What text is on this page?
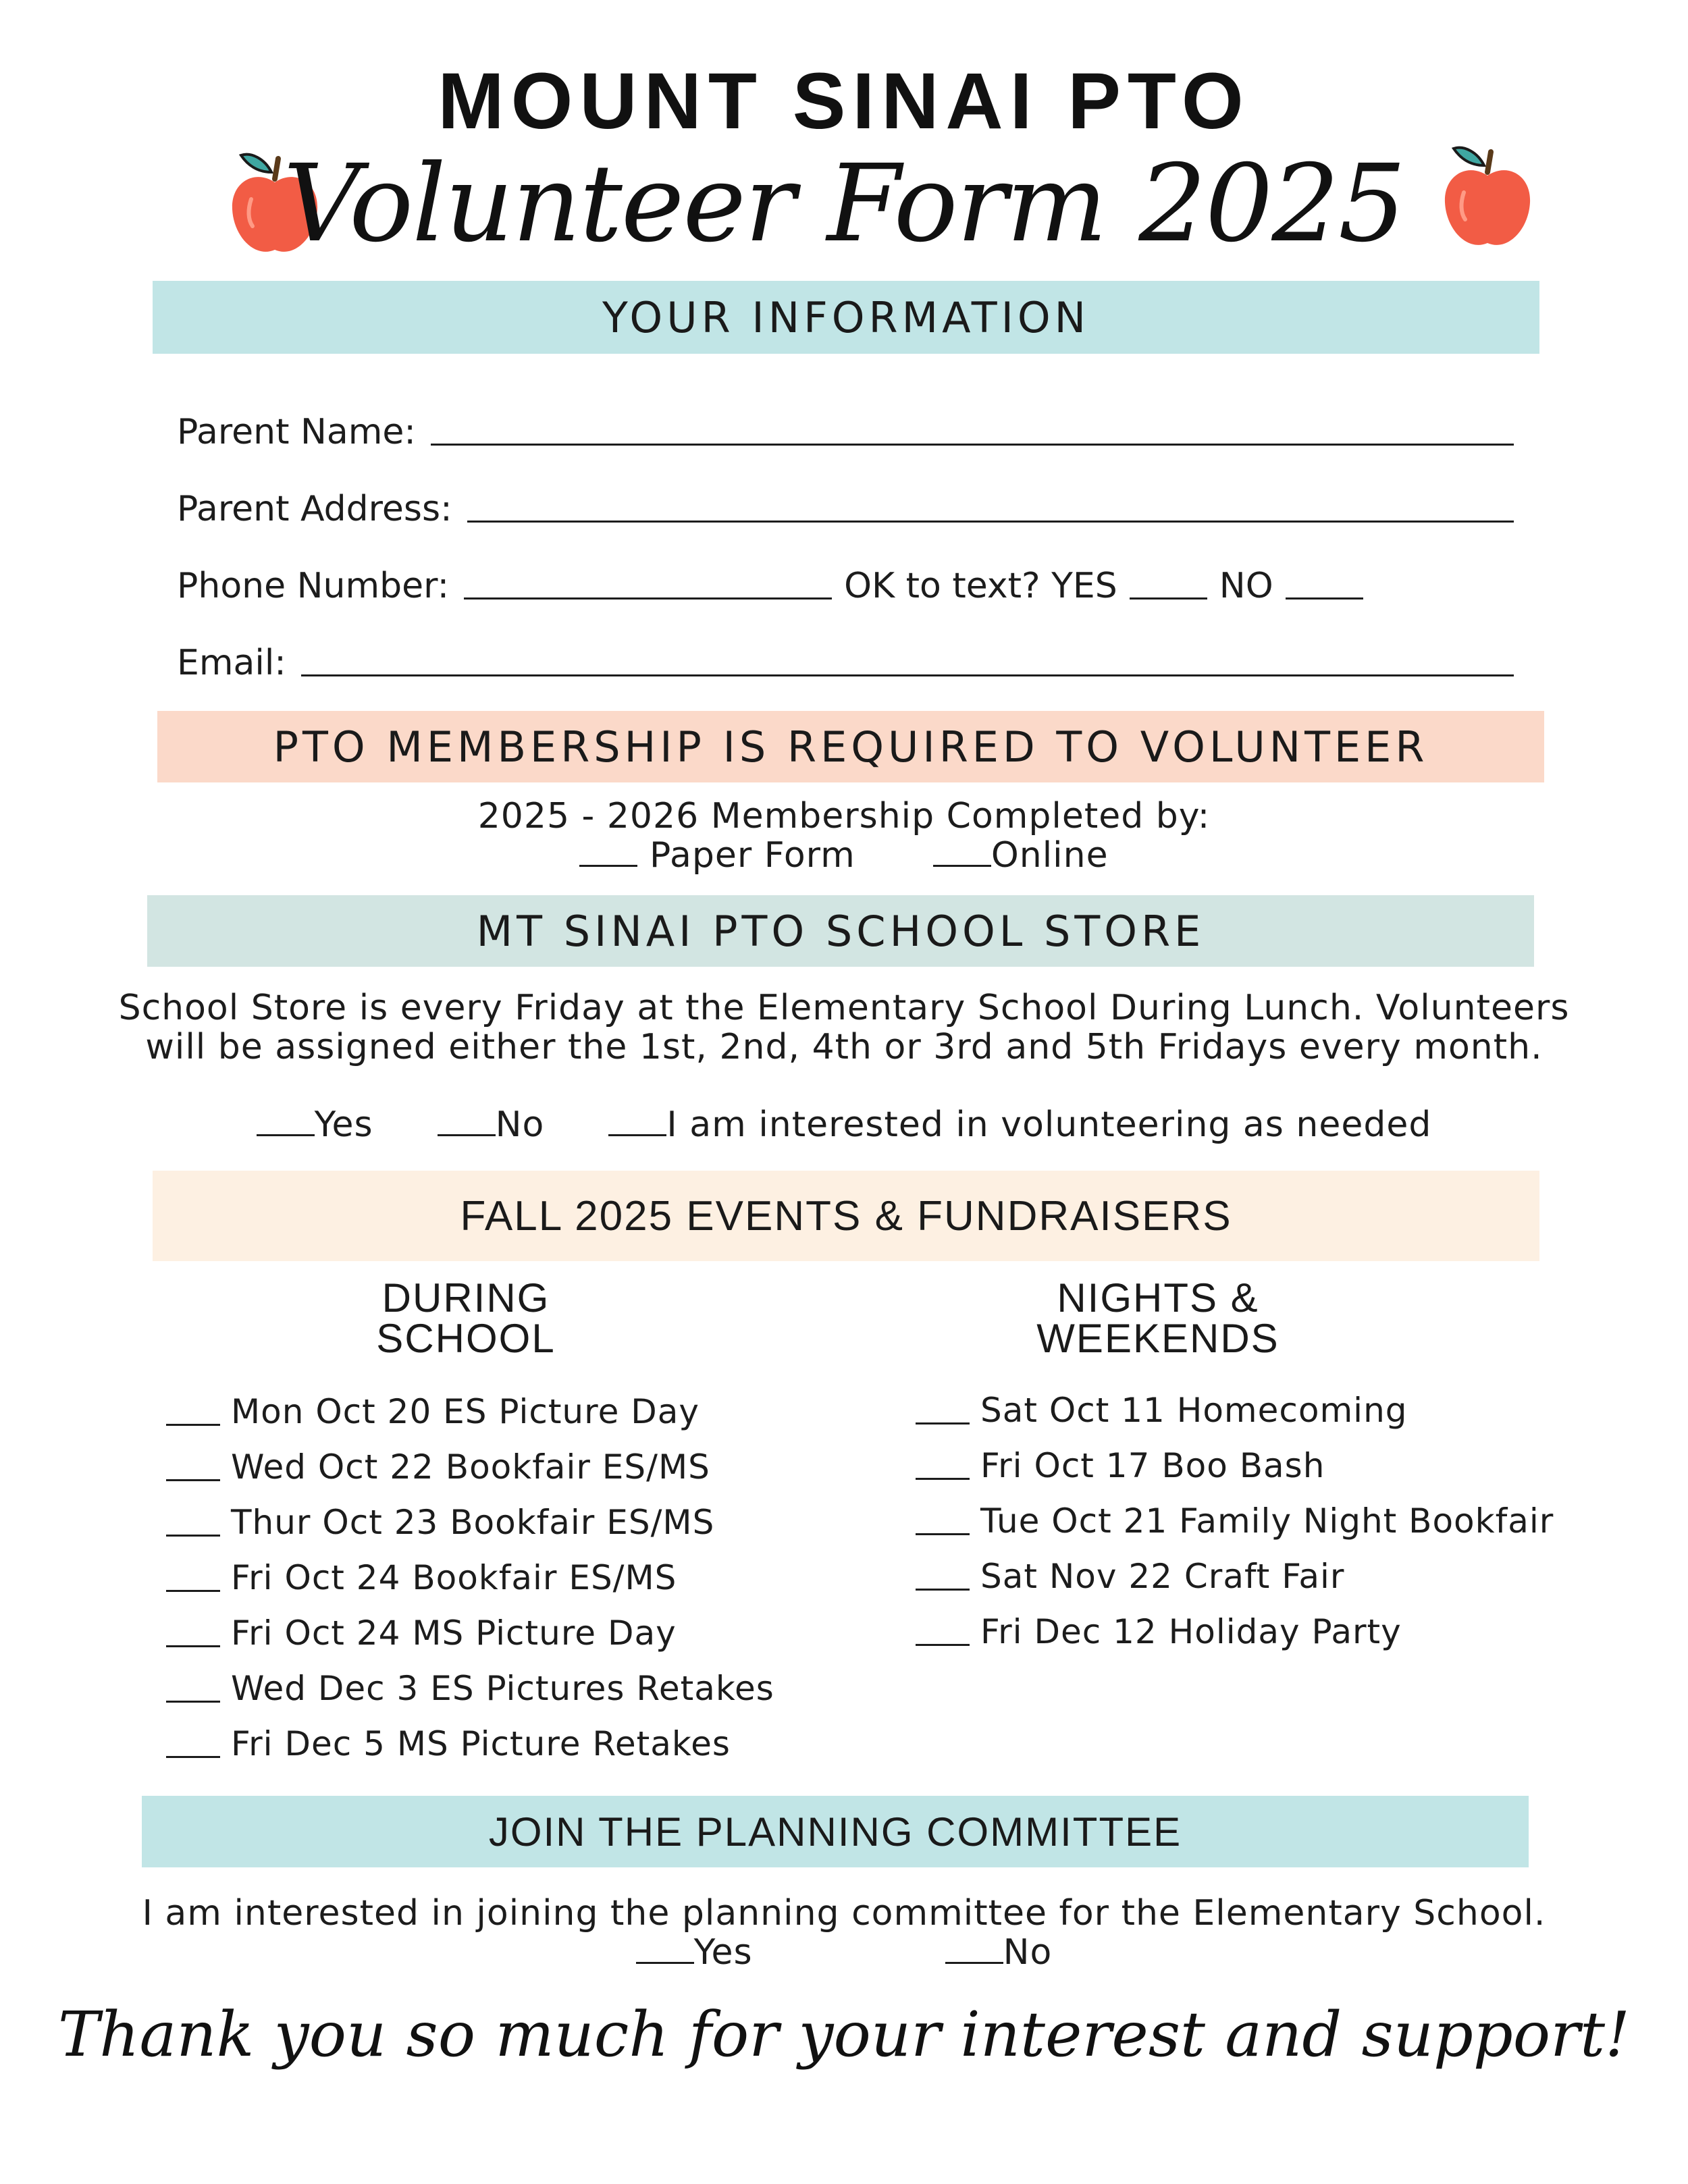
MOUNT SINAI PTO
Volunteer Form 2025
YOUR INFORMATION
Parent Name:
Parent Address:
Phone Number:	OK to text? YES	NO
Email:
PTO MEMBERSHIP IS REQUIRED TO VOLUNTEER
2025 - 2026 Membership Completed by:
Paper Form	Online
MT SINAI PTO SCHOOL STORE
School Store is every Friday at the Elementary School During Lunch. Volunteers
will be assigned either the 1st, 2nd, 4th or 3rd and 5th Fridays every month.
Yes	No	I am interested in volunteering as needed
FALL 2025 EVENTS & FUNDRAISERS
DURING
SCHOOL
NIGHTS &
WEEKENDS
Mon Oct 20 ES Picture Day
Wed Oct 22 Bookfair ES/MS
Thur Oct 23 Bookfair ES/MS
Fri Oct 24 Bookfair ES/MS
Fri Oct 24 MS Picture Day
Wed Dec 3 ES Pictures Retakes
Fri Dec 5 MS Picture Retakes
Sat Oct 11 Homecoming
Fri Oct 17 Boo Bash
Tue Oct 21 Family Night Bookfair
Sat Nov 22 Craft Fair
Fri Dec 12 Holiday Party
JOIN THE PLANNING COMMITTEE
I am interested in joining the planning committee for the Elementary School.
Yes	No
Thank you so much for your interest and support!
